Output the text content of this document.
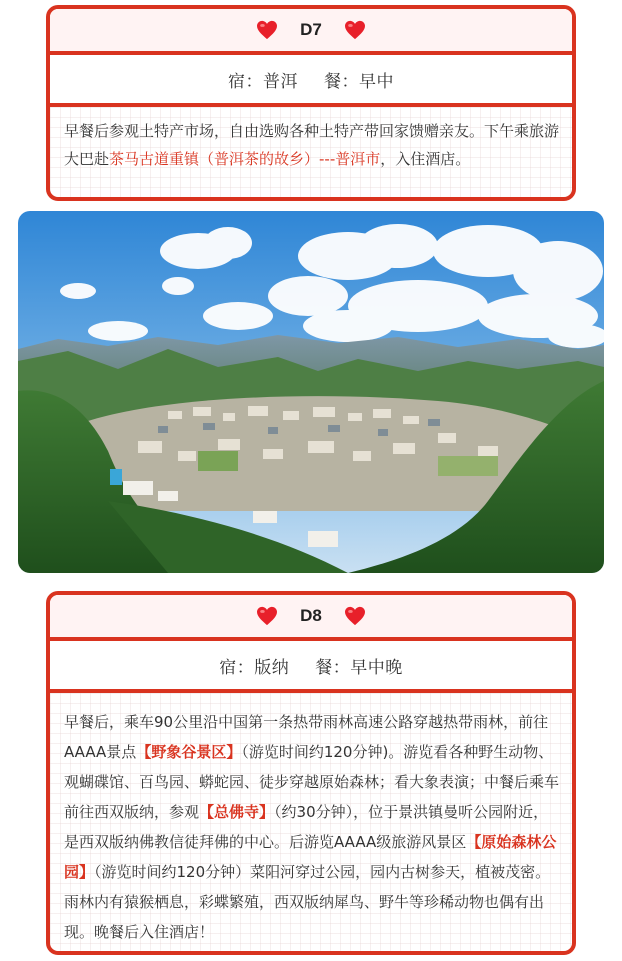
D7
宿：普洱 餐：早中
早餐后参观土特产市场，自由选购各种土特产带回家馈赠亲友。下午乘旅游大巴赴茶马古道重镇（普洱茶的故乡）---普洱市，入住酒店。
D8
宿：版纳 餐：早中晚
早餐后，乘车90公里沿中国第一条热带雨林高速公路穿越热带雨林，前往AAAA景点【野象谷景区】（游览时间约120分钟)。游览看各种野生动物、观蝴碟馆、百鸟园、蟒蛇园、徒步穿越原始森林；看大象表演；中餐后乘车前往西双版纳，参观【总佛寺】（约30分钟），位于景洪镇曼听公园附近，是西双版纳佛教信徒拜佛的中心。后游览AAAA级旅游风景区【原始森林公园】（游览时间约120分钟）菜阳河穿过公园，园内古树参天，植被茂密。雨林内有猿猴栖息，彩蝶繁殖，西双版纳犀鸟、野牛等珍稀动物也偶有出现。晚餐后入住酒店！
